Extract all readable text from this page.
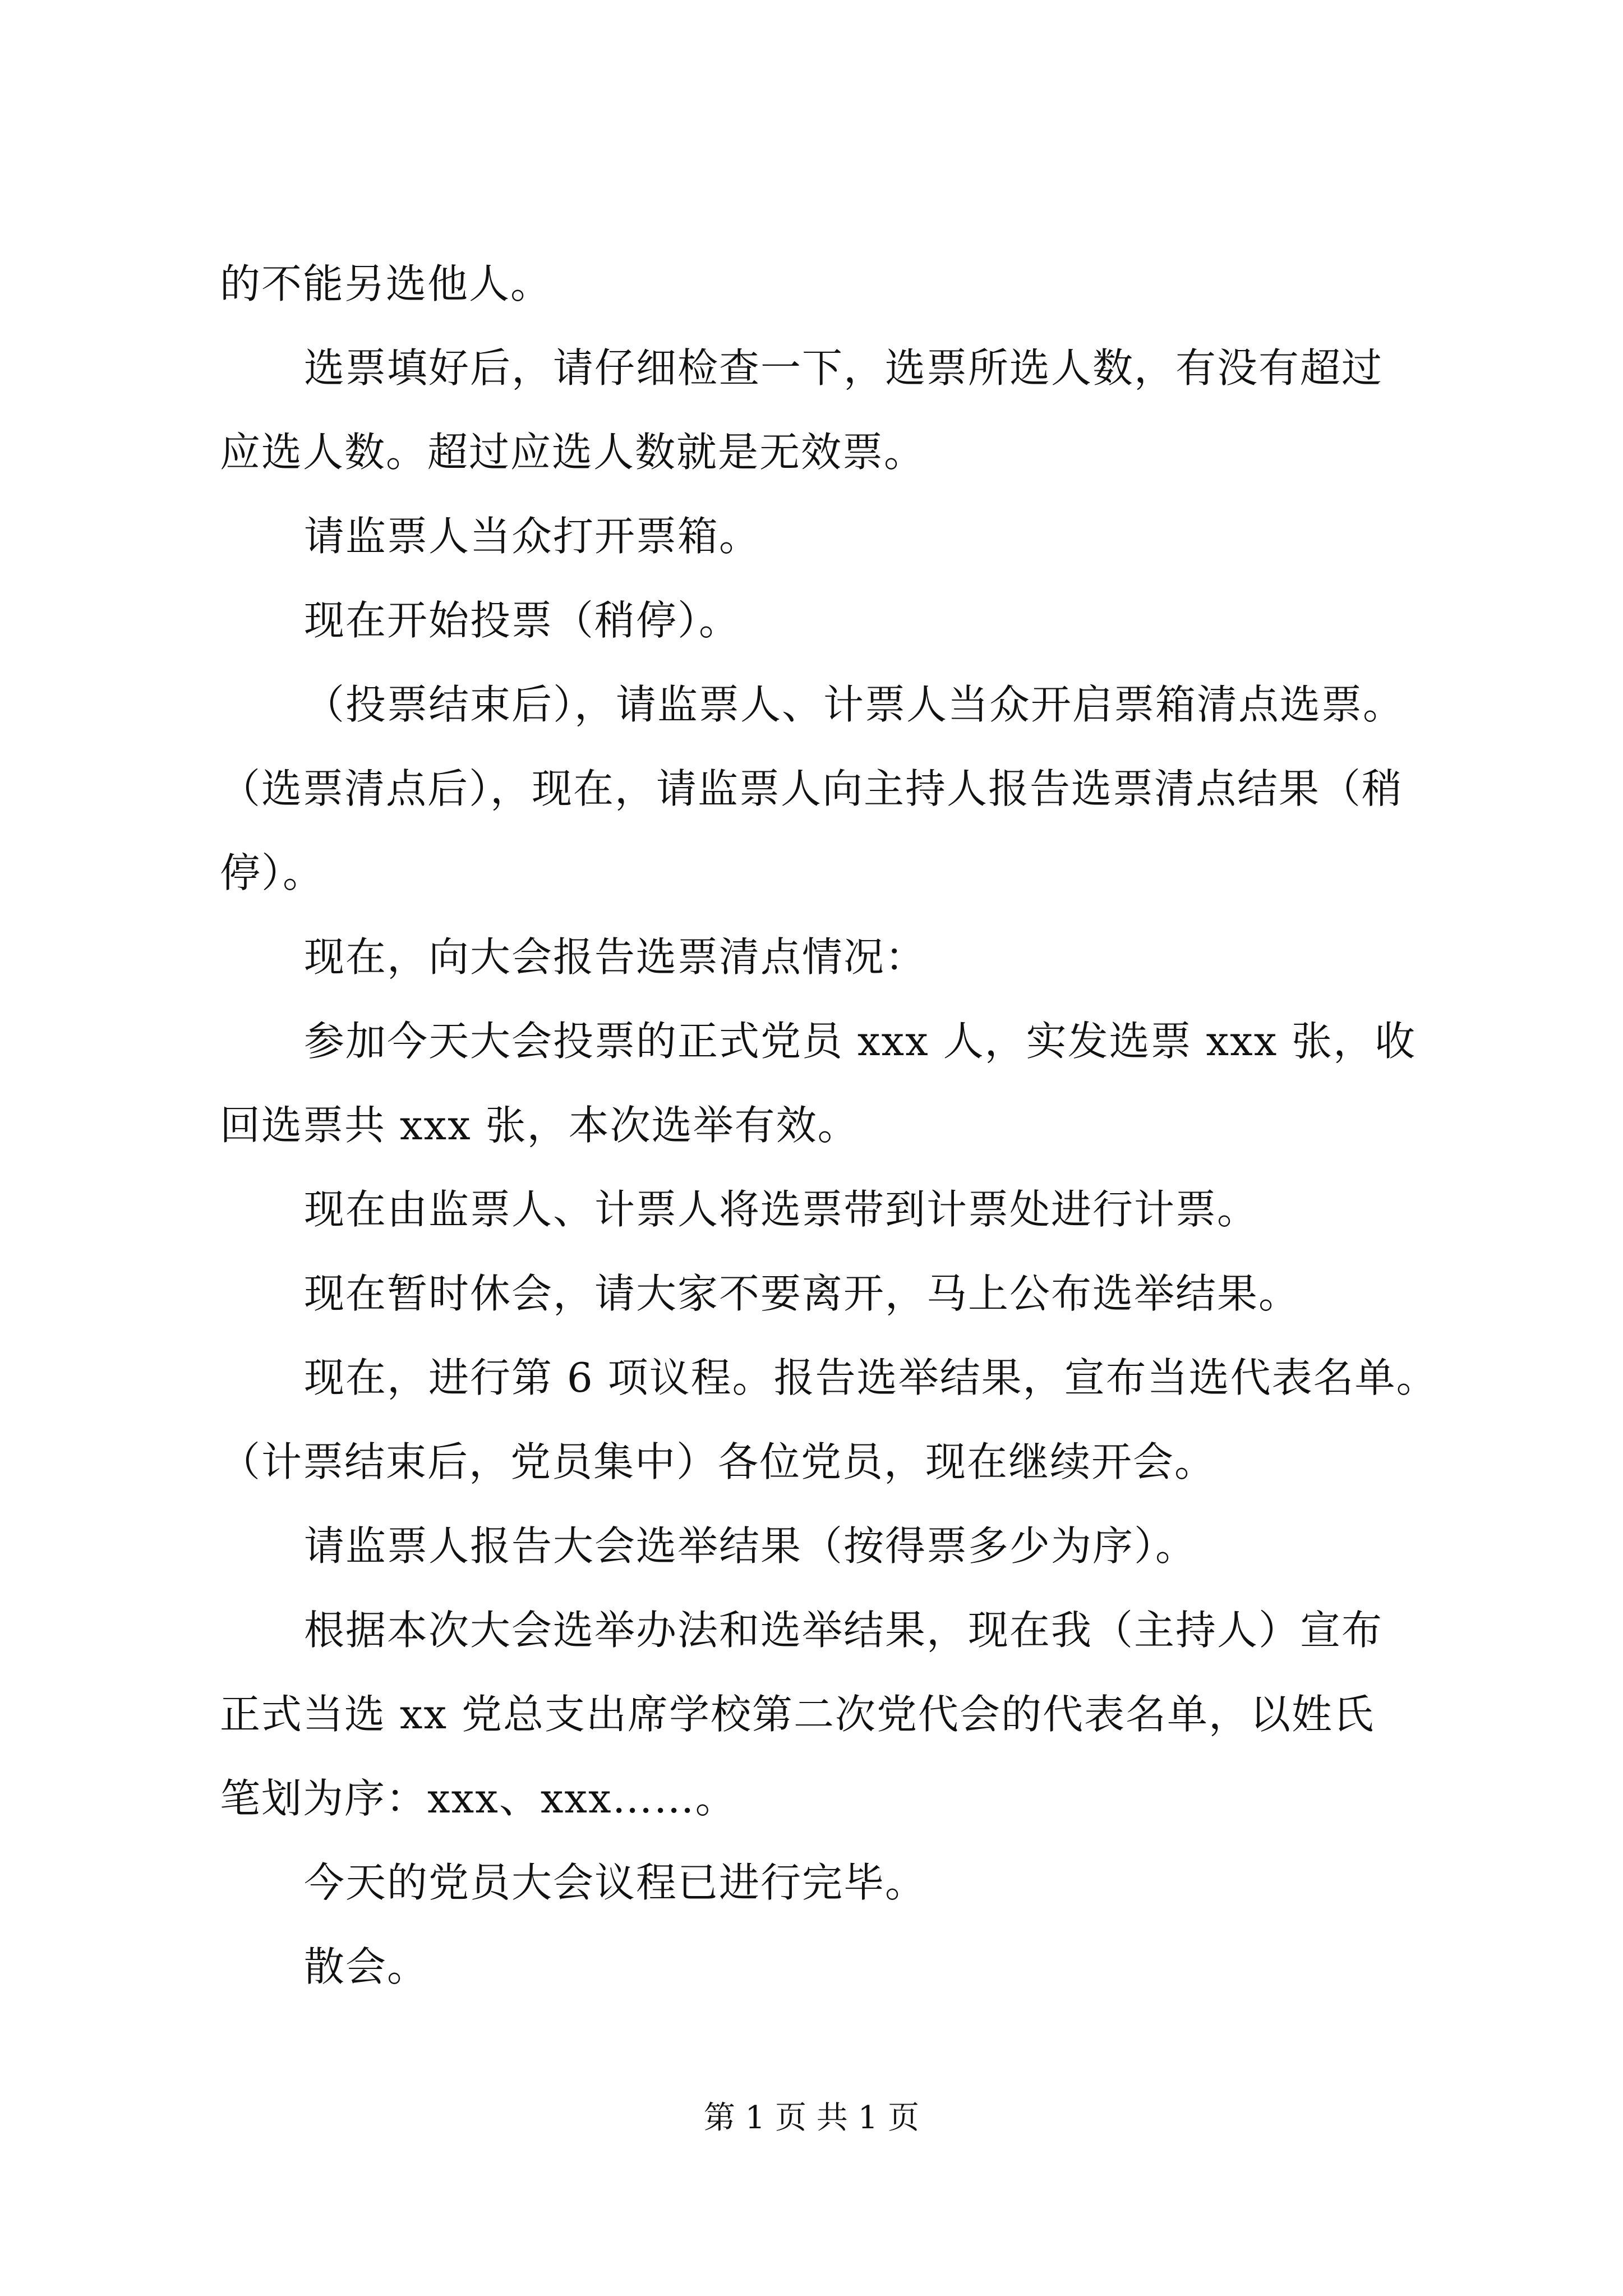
的不能另选他人。
选票填好后，请仔细检查一下，选票所选人数，有没有超过
应选人数。超过应选人数就是无效票。
请监票人当众打开票箱。
现在开始投票（稍停）。
（投票结束后），请监票人、计票人当众开启票箱清点选票。
（选票清点后），现在，请监票人向主持人报告选票清点结果（稍
停）。
现在，向大会报告选票清点情况：
参加今天大会投票的正式党员 xxx 人，实发选票 xxx 张，收
回选票共 xxx 张，本次选举有效。
现在由监票人、计票人将选票带到计票处进行计票。
现在暂时休会，请大家不要离开，马上公布选举结果。
现在，进行第 6 项议程。报告选举结果，宣布当选代表名单。
（计票结束后，党员集中）各位党员，现在继续开会。
请监票人报告大会选举结果（按得票多少为序）。
根据本次大会选举办法和选举结果，现在我（主持人）宣布
正式当选 xx 党总支出席学校第二次党代会的代表名单，以姓氏
笔划为序：xxx、xxx……。
今天的党员大会议程已进行完毕。
散会。
第 1 页 共 1 页
